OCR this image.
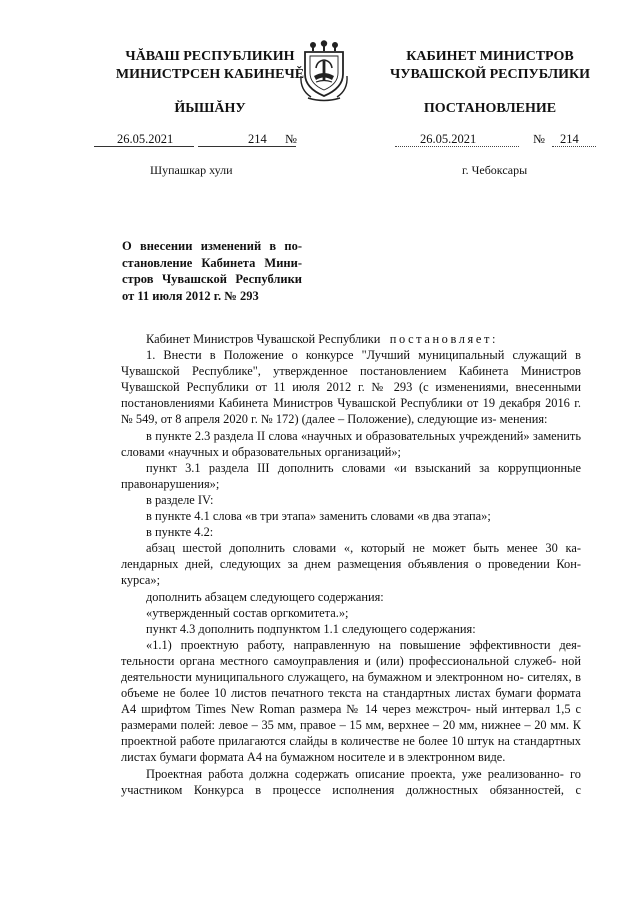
ЧĂВАШ РЕСПУБЛИКИН
МИНИСТРСЕН КАБИНЕЧĚ
ЙЫШĂНУ
КАБИНЕТ МИНИСТРОВ
ЧУВАШСКОЙ РЕСПУБЛИКИ
ПОСТАНОВЛЕНИЕ
26.05.2021	214 №	26.05.2021	№ 214
Шупашкар хули	г. Чебоксары
О внесении изменений в по- становление Кабинета Мини- стров Чувашской Республики от 11 июля 2012 г. № 293

Кабинет Министров Чувашской Республики постановляет:

1. Внести в Положение о конкурсе "Лучший муниципальный служащий в Чувашской Республике", утвержденное постановлением Кабинета Министров Чувашской Республики от 11 июля 2012 г. № 293 (с изменениями, внесенными постановлениями Кабинета Министров Чувашской Республики от 19 декабря 2016 г. № 549, от 8 апреля 2020 г. № 172) (далее – Положение), следующие из- менения:

в пункте 2.3 раздела II слова «научных и образовательных учреждений» заменить словами «научных и образовательных организаций»;

пункт 3.1 раздела III дополнить словами «и взысканий за коррупционные правонарушения»;

в разделе IV:

в пункте 4.1 слова «в три этапа» заменить словами «в два этапа»;

в пункте 4.2:

абзац шестой дополнить словами «, который не может быть менее 30 ка- лендарных дней, следующих за днем размещения объявления о проведении Кон- курса»;

дополнить абзацем следующего содержания:

«утвержденный состав оргкомитета.»;

пункт 4.3 дополнить подпунктом 1.1 следующего содержания:

«1.1) проектную работу, направленную на повышение эффективности дея- тельности органа местного самоуправления и (или) профессиональной служеб- ной деятельности муниципального служащего, на бумажном и электронном но- сителях, в объеме не более 10 листов печатного текста на стандартных листах бумаги формата А4 шрифтом Times New Roman размера № 14 через межстроч- ный интервал 1,5 с размерами полей: левое – 35 мм, правое – 15 мм, верхнее – 20 мм, нижнее – 20 мм. К проектной работе прилагаются слайды в количестве не более 10 штук на стандартных листах бумаги формата А4 на бумажном носителе и в электронном виде.

Проектная работа должна содержать описание проекта, уже реализованно- го участником Конкурса в процессе исполнения должностных обязанностей, с
